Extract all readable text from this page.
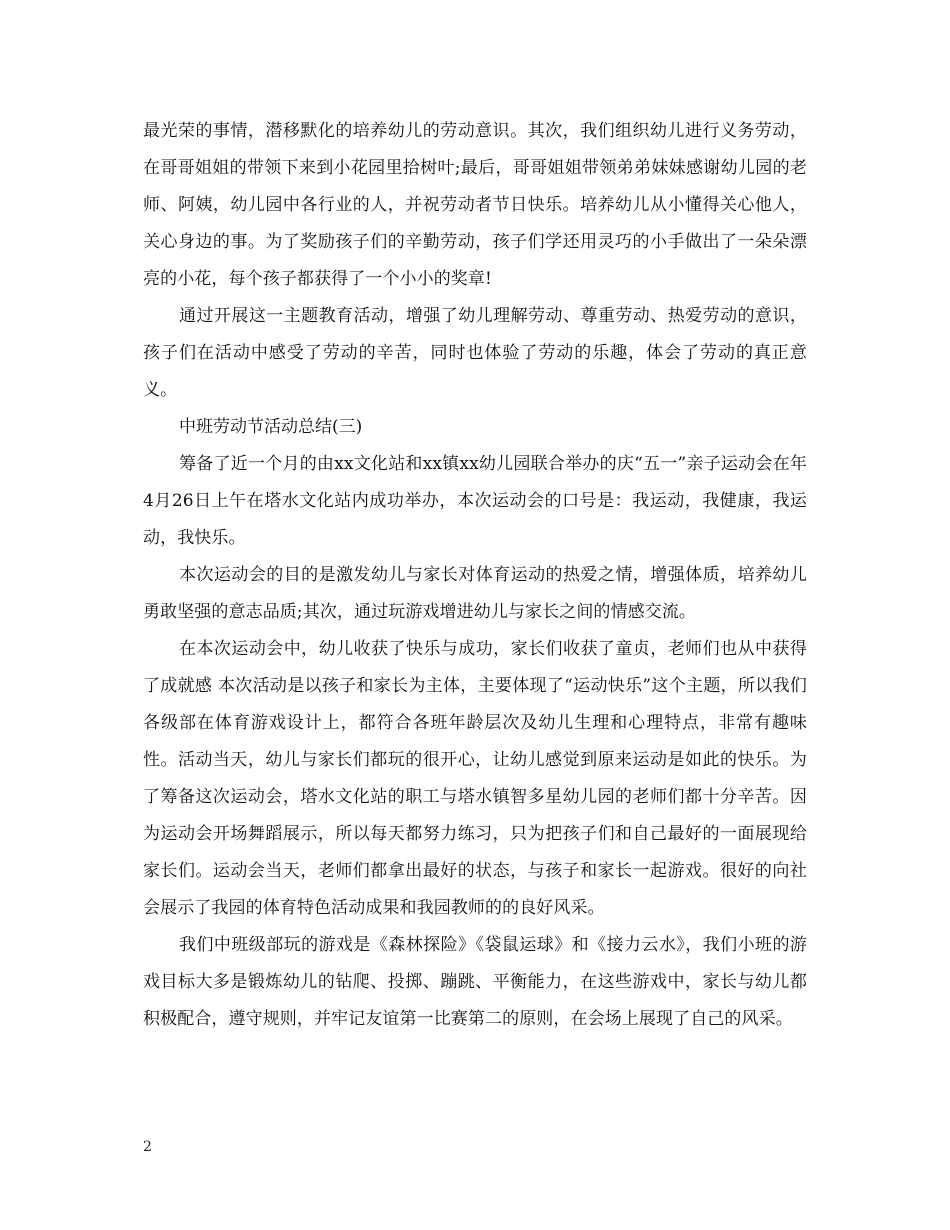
最光荣的事情，潜移默化的培养幼儿的劳动意识。其次，我们组织幼儿进行义务劳动，在哥哥姐姐的带领下来到小花园里拾树叶;最后，哥哥姐姐带领弟弟妹妹感谢幼儿园的老师、阿姨，幼儿园中各行业的人，并祝劳动者节日快乐。培养幼儿从小懂得关心他人，关心身边的事。为了奖励孩子们的辛勤劳动，孩子们学还用灵巧的小手做出了一朵朵漂亮的小花，每个孩子都获得了一个小小的奖章!

通过开展这一主题教育活动，增强了幼儿理解劳动、尊重劳动、热爱劳动的意识，孩子们在活动中感受了劳动的辛苦，同时也体验了劳动的乐趣，体会了劳动的真正意义。

中班劳动节活动总结(三)

筹备了近一个月的由xx文化站和xx镇xx幼儿园联合举办的庆“五一”亲子运动会在年4月26日上午在塔水文化站内成功举办，本次运动会的口号是：我运动，我健康，我运动，我快乐。

本次运动会的目的是激发幼儿与家长对体育运动的热爱之情，增强体质，培养幼儿勇敢坚强的意志品质;其次，通过玩游戏增进幼儿与家长之间的情感交流。

在本次运动会中，幼儿收获了快乐与成功，家长们收获了童贞，老师们也从中获得了成就感 本次活动是以孩子和家长为主体，主要体现了“运动快乐”这个主题，所以我们各级部在体育游戏设计上，都符合各班年龄层次及幼儿生理和心理特点，非常有趣味性。活动当天，幼儿与家长们都玩的很开心，让幼儿感觉到原来运动是如此的快乐。为了筹备这次运动会，塔水文化站的职工与塔水镇智多星幼儿园的老师们都十分辛苦。因为运动会开场舞蹈展示，所以每天都努力练习，只为把孩子们和自己最好的一面展现给家长们。运动会当天，老师们都拿出最好的状态，与孩子和家长一起游戏。很好的向社会展示了我园的体育特色活动成果和我园教师的的良好风采。

我们中班级部玩的游戏是《森林探险》《袋鼠运球》和《接力云水》，我们小班的游戏目标大多是锻炼幼儿的钻爬、投掷、蹦跳、平衡能力，在这些游戏中，家长与幼儿都积极配合，遵守规则，并牢记友谊第一比赛第二的原则，在会场上展现了自己的风采。

2
